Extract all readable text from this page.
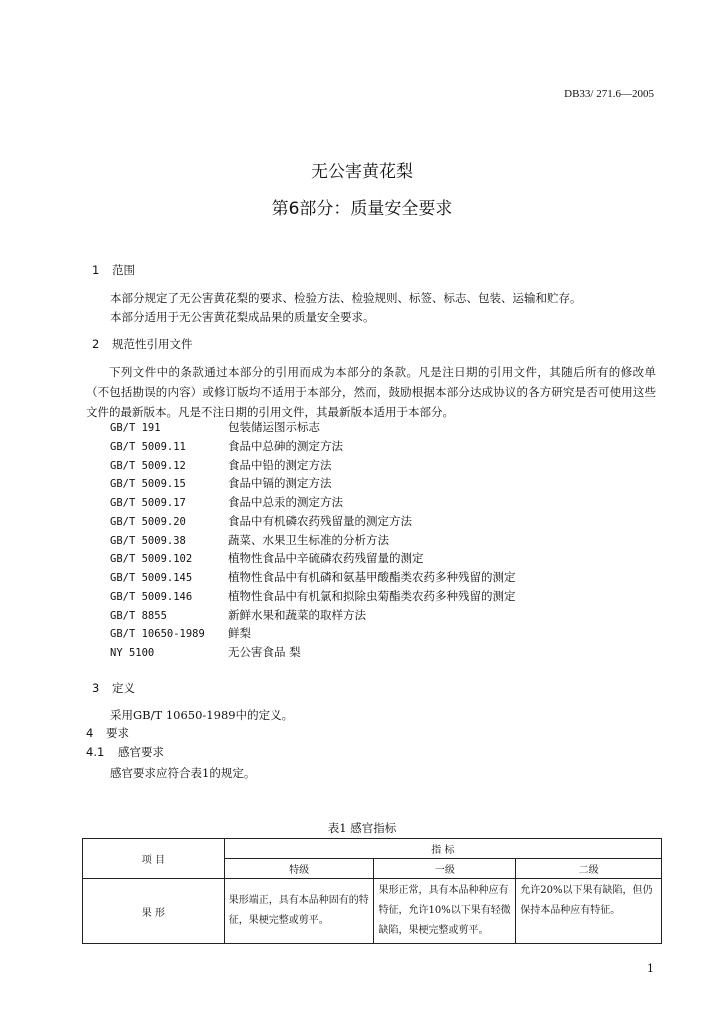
DB33/ 271.6—2005
无公害黄花梨
第6部分：质量安全要求
1 范围
本部分规定了无公害黄花梨的要求、检验方法、检验规则、标签、标志、包装、运输和贮存。
本部分适用于无公害黄花梨成品果的质量安全要求。
2 规范性引用文件
下列文件中的条款通过本部分的引用而成为本部分的条款。凡是注日期的引用文件，其随后所有的修改单（不包括勘误的内容）或修订版均不适用于本部分，然而，鼓励根据本部分达成协议的各方研究是否可使用这些文件的最新版本。凡是不注日期的引用文件，其最新版本适用于本部分。
GB/T 191	包装储运图示标志
GB/T 5009.11	食品中总砷的测定方法
GB/T 5009.12	食品中铅的测定方法
GB/T 5009.15	食品中镉的测定方法
GB/T 5009.17	食品中总汞的测定方法
GB/T 5009.20	食品中有机磷农药残留量的测定方法
GB/T 5009.38	蔬菜、水果卫生标准的分析方法
GB/T 5009.102	植物性食品中辛硫磷农药残留量的测定
GB/T 5009.145	植物性食品中有机磷和氨基甲酸酯类农药多种残留的测定
GB/T 5009.146	植物性食品中有机氯和拟除虫菊酯类农药多种残留的测定
GB/T 8855	新鲜水果和蔬菜的取样方法
GB/T 10650-1989 鲜梨
NY 5100	无公害食品 梨
3 定义
采用GB/T 10650-1989中的定义。
4 要求
4.1 感官要求
感官要求应符合表1的规定。
表1 感官指标
项 目	指 标		
	特级	一级	二级
果 形	果形端正，具有本品种固有的特征，果梗完整或剪平。	果形正常，具有本品种种应有特征，允许10%以下果有轻微缺陷，果梗完整或剪平。	允许20%以下果有缺陷，但仍保持本品种应有特征。
1
